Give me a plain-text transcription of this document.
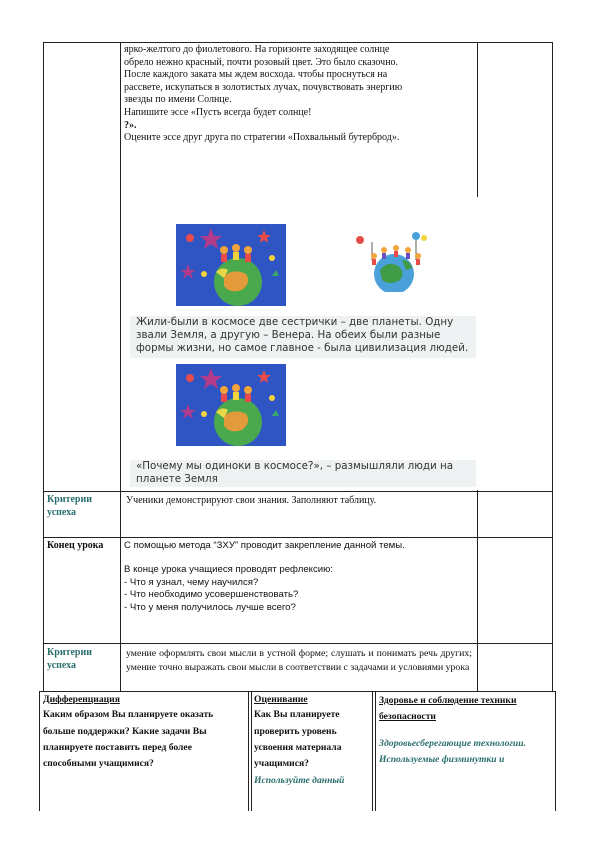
ярко-желтого до фиолетового. На горизонте заходящее солнце
обрело нежно красный, почти розовый цвет. Это было сказочно.
После каждого заката мы ждем восхода. чтобы проснуться на
рассвете, искупаться в золотистых лучах, почувствовать энергию
звезды по имени Солнце.
Напишите эссе «Пусть всегда будет солнце!
?».
Оцените эссе друг друга по стратегии «Похвальный бутерброд».
Жили-были в космосе две сестрички – две планеты. Одну звали Земля, а другую – Венера. На обеих были разные формы жизни, но самое главное - была цивилизация людей.
«Почему мы одиноки в космосе?», – размышляли люди на планете Земля
Критерии успеха
Ученики демонстрируют свои знания. Заполняют таблицу.
Конец урока	С помощью метода “ЗХУ” проводит закрепление данной темы.
В конце урока учащиеся проводят рефлексию:
- Что я узнал, чему научился?
- Что необходимо усовершенствовать?
- Что у меня получилось лучше всего?
Критерии успеха
умение оформлять свои мысли в устной форме; слушать и понимать речь других; умение точно выражать свои мысли в соответствии с задачами и условиями урока
Дифференциация
Каким образом Вы планируете оказать больше поддержки? Какие задачи Вы планируете поставить перед более способными учащимися?
Оценивание
Как Вы планируете проверить уровень усвоения материала учащимися?
Используйте данный
Здоровье и соблюдение техники безопасности
Здоровьесберегающие технологии.
Используемые физминутки и
